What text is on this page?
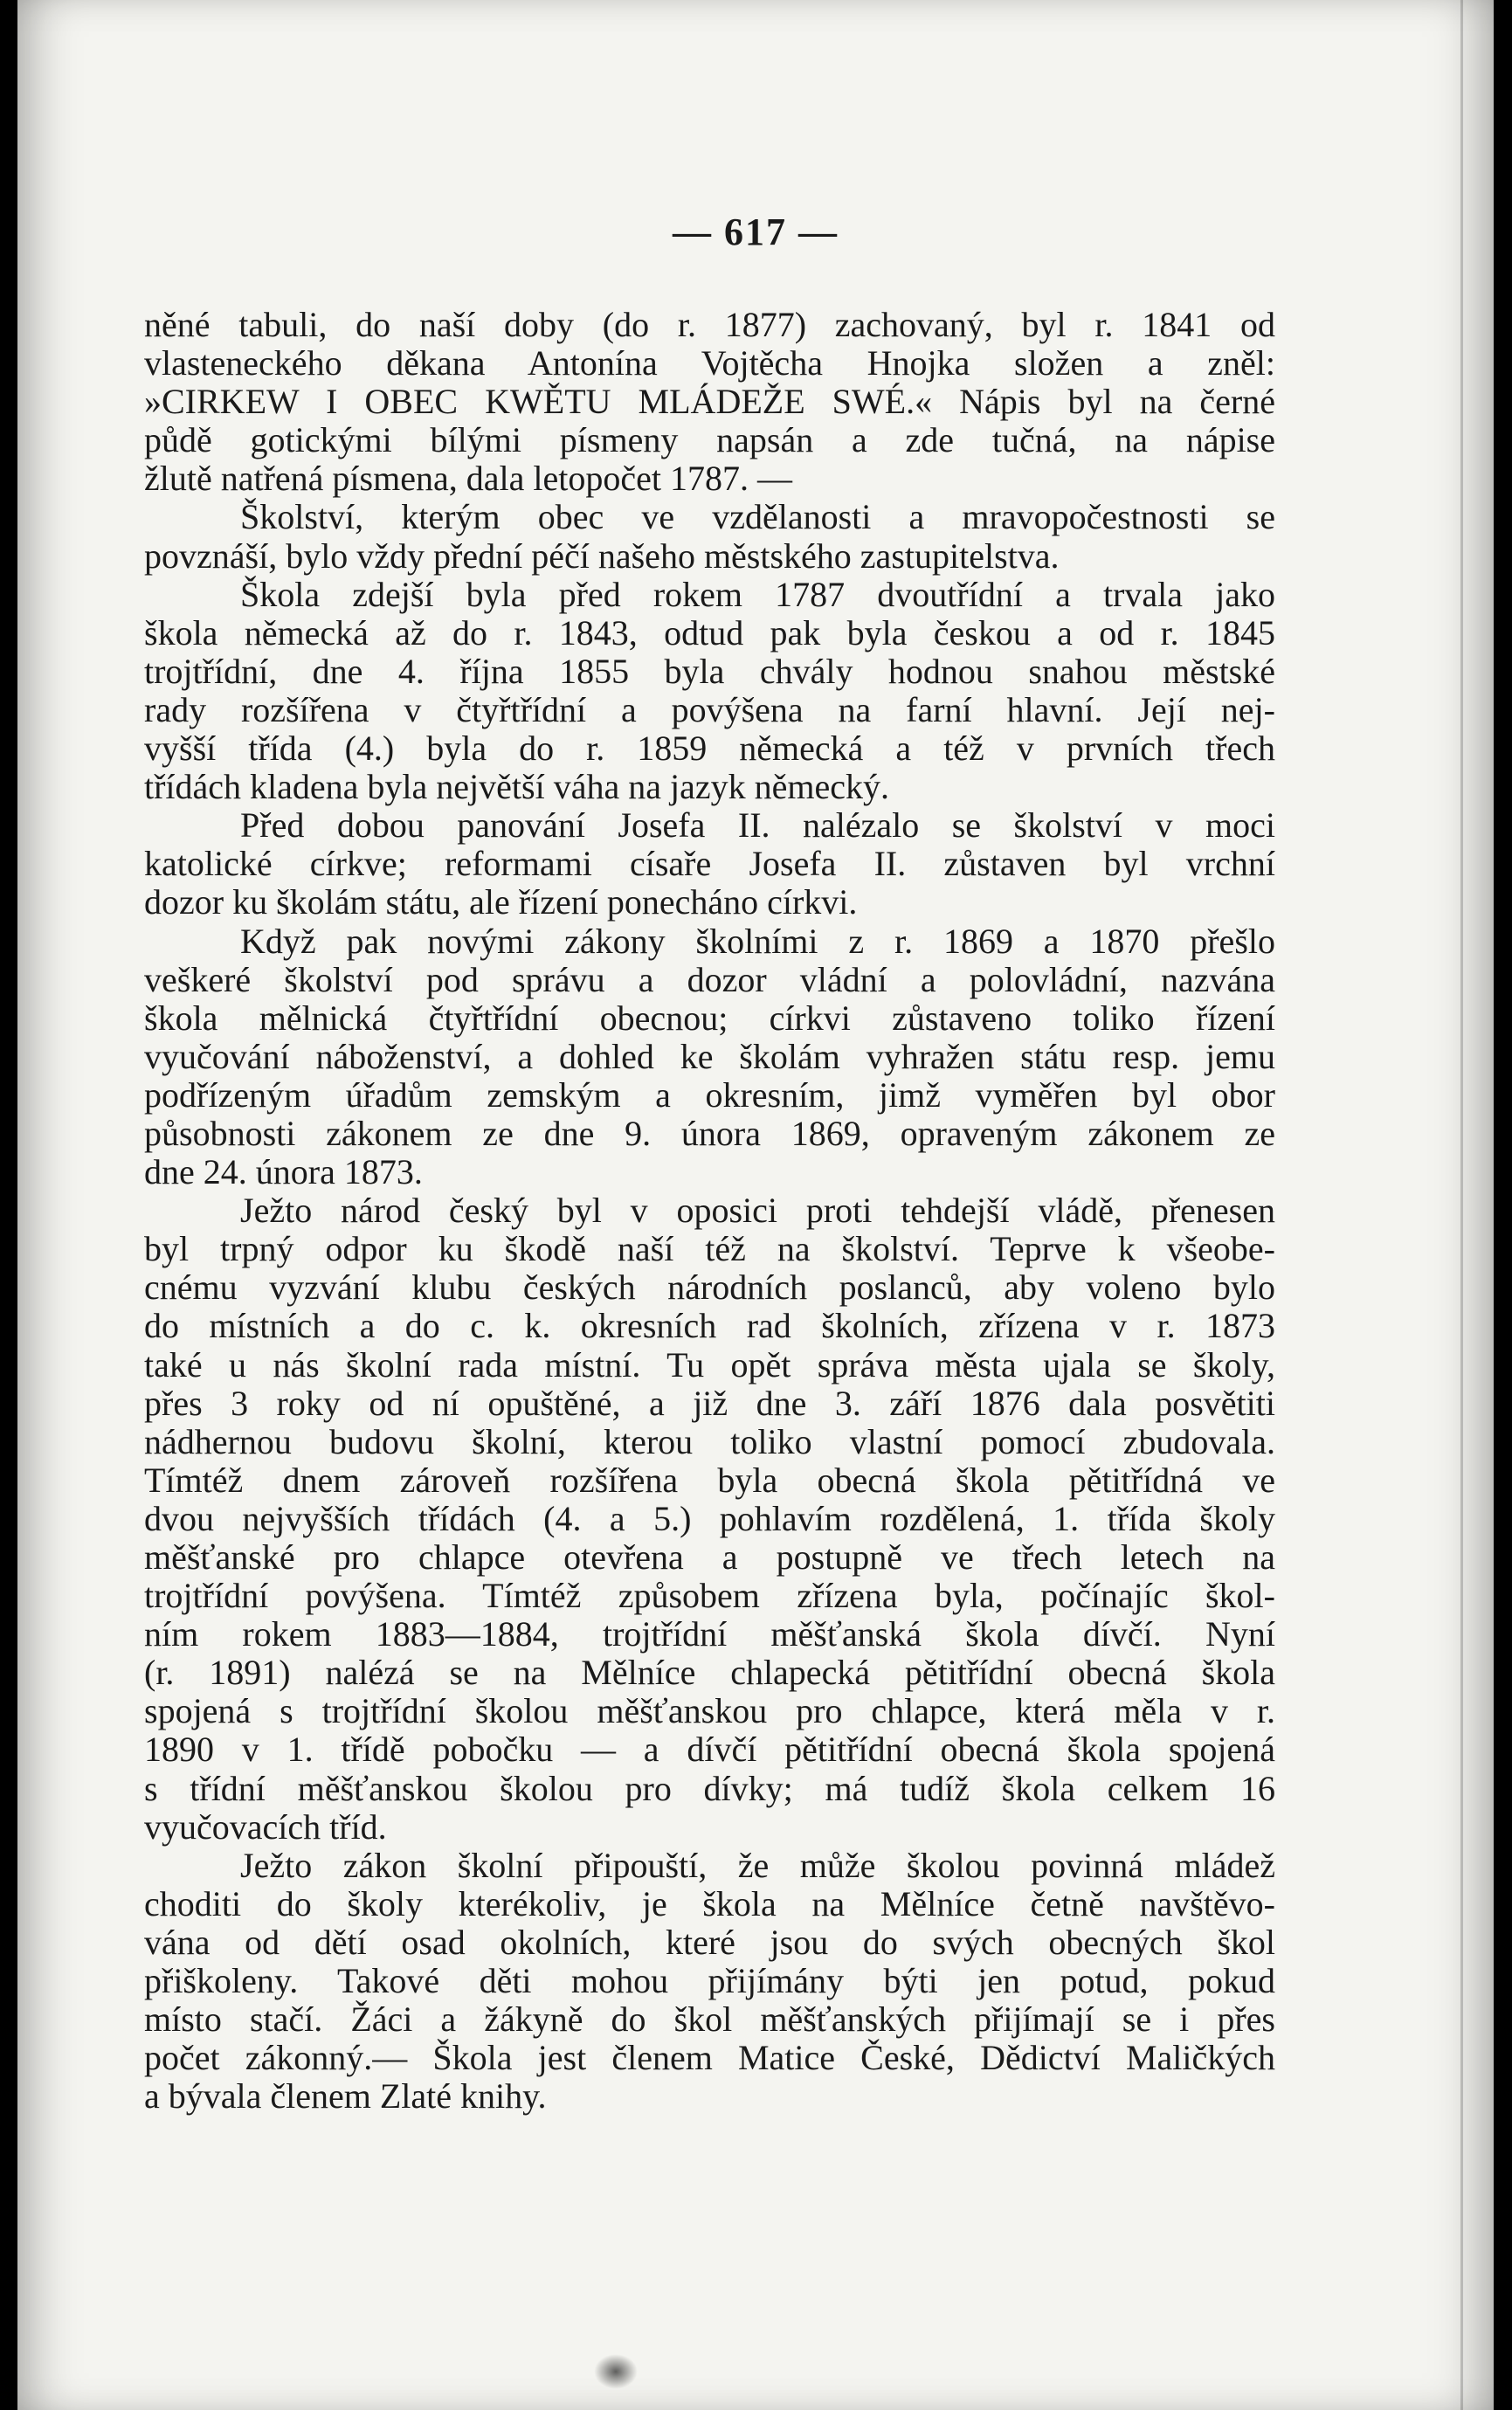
— 617 —
něné tabuli, do naší doby (do r. 1877) zachovaný, byl r. 1841 od
vlasteneckého děkana Antonína Vojtěcha Hnojka složen a zněl:
»CIRKEW I OBEC KWĚTU MLÁDEŽE SWÉ.« Nápis byl na černé
půdě gotickými bílými písmeny napsán a zde tučná, na nápise
žlutě natřená písmena, dala letopočet 1787. —
Školství, kterým obec ve vzdělanosti a mravopočestnosti se
povznáší, bylo vždy přední péčí našeho městského zastupitelstva.
Škola zdejší byla před rokem 1787 dvoutřídní a trvala jako
škola německá až do r. 1843, odtud pak byla českou a od r. 1845
trojtřídní, dne 4. října 1855 byla chvály hodnou snahou městské
rady rozšířena v čtyřtřídní a povýšena na farní hlavní. Její nej-
vyšší třída (4.) byla do r. 1859 německá a též v prvních třech
třídách kladena byla největší váha na jazyk německý.
Před dobou panování Josefa II. nalézalo se školství v moci
katolické církve; reformami císaře Josefa II. zůstaven byl vrchní
dozor ku školám státu, ale řízení ponecháno církvi.
Když pak novými zákony školními z r. 1869 a 1870 přešlo
veškeré školství pod správu a dozor vládní a polovládní, nazvána
škola mělnická čtyřtřídní obecnou; církvi zůstaveno toliko řízení
vyučování náboženství, a dohled ke školám vyhražen státu resp. jemu
podřízeným úřadům zemským a okresním, jimž vyměřen byl obor
působnosti zákonem ze dne 9. února 1869, opraveným zákonem ze
dne 24. února 1873.
Ježto národ český byl v oposici proti tehdejší vládě, přenesen
byl trpný odpor ku škodě naší též na školství. Teprve k všeobe-
cnému vyzvání klubu českých národních poslanců, aby voleno bylo
do místních a do c. k. okresních rad školních, zřízena v r. 1873
také u nás školní rada místní. Tu opět správa města ujala se školy,
přes 3 roky od ní opuštěné, a již dne 3. září 1876 dala posvětiti
nádhernou budovu školní, kterou toliko vlastní pomocí zbudovala.
Tímtéž dnem zároveň rozšířena byla obecná škola pětitřídná ve
dvou nejvyšších třídách (4. a 5.) pohlavím rozdělená, 1. třída školy
měšťanské pro chlapce otevřena a postupně ve třech letech na
trojtřídní povýšena. Tímtéž způsobem zřízena byla, počínajíc škol-
ním rokem 1883—1884, trojtřídní měšťanská škola dívčí. Nyní
(r. 1891) nalézá se na Mělníce chlapecká pětitřídní obecná škola
spojená s trojtřídní školou měšťanskou pro chlapce, která měla v r.
1890 v 1. třídě pobočku — a dívčí pětitřídní obecná škola spojená
s třídní měšťanskou školou pro dívky; má tudíž škola celkem 16
vyučovacích tříd.
Ježto zákon školní připouští, že může školou povinná mládež
choditi do školy kterékoliv, je škola na Mělníce četně navštěvo-
vána od dětí osad okolních, které jsou do svých obecných škol
přiškoleny. Takové děti mohou přijímány býti jen potud, pokud
místo stačí. Žáci a žákyně do škol měšťanských přijímají se i přes
počet zákonný.— Škola jest členem Matice České, Dědictví Maličkých
a bývala členem Zlaté knihy.
